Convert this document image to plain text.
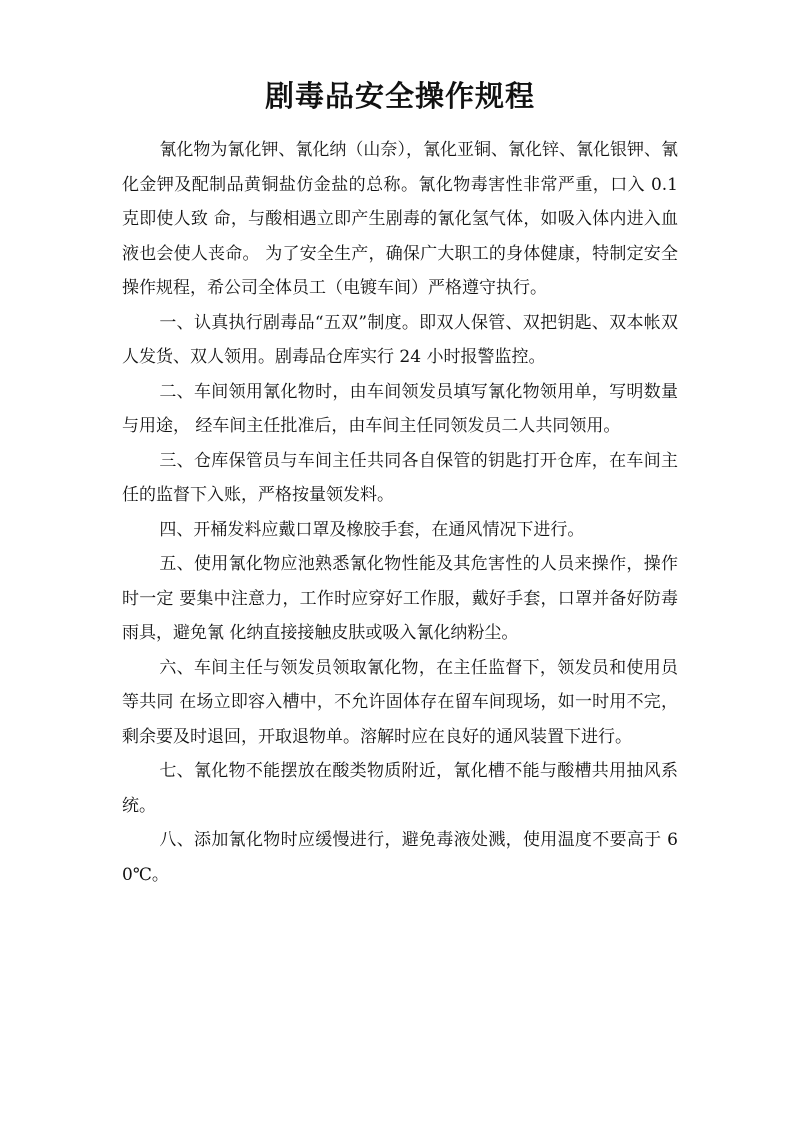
剧毒品安全操作规程

氰化物为氰化钾、氰化纳（山奈），氰化亚铜、氰化锌、氰化银钾、氰化金钾及配制品黄铜盐仿金盐的总称。氰化物毒害性非常严重，口入 0.1 克即使人致 命，与酸相遇立即产生剧毒的氰化氢气体，如吸入体内进入血液也会使人丧命。 为了安全生产，确保广大职工的身体健康，特制定安全操作规程，希公司全体员工（电镀车间）严格遵守执行。

一、认真执行剧毒品“五双”制度。即双人保管、双把钥匙、双本帐双人发货、双人领用。剧毒品仓库实行 24 小时报警监控。

二、车间领用氰化物时，由车间领发员填写氰化物领用单，写明数量与用途， 经车间主任批准后，由车间主任同领发员二人共同领用。

三、仓库保管员与车间主任共同各自保管的钥匙打开仓库，在车间主任的监督下入账，严格按量领发料。

四、开桶发料应戴口罩及橡胶手套，在通风情况下进行。

五、使用氰化物应池熟悉氰化物性能及其危害性的人员来操作，操作时一定 要集中注意力，工作时应穿好工作服，戴好手套，口罩并备好防毒雨具，避免氰 化纳直接接触皮肤或吸入氰化纳粉尘。

六、车间主任与领发员领取氰化物，在主任监督下，领发员和使用员等共同 在场立即容入槽中，不允许固体存在留车间现场，如一时用不完，剩余要及时退回，开取退物单。溶解时应在良好的通风装置下进行。

七、氰化物不能摆放在酸类物质附近，氰化槽不能与酸槽共用抽风系统。

八、添加氰化物时应缓慢进行，避免毒液处溅，使用温度不要高于 60℃。
